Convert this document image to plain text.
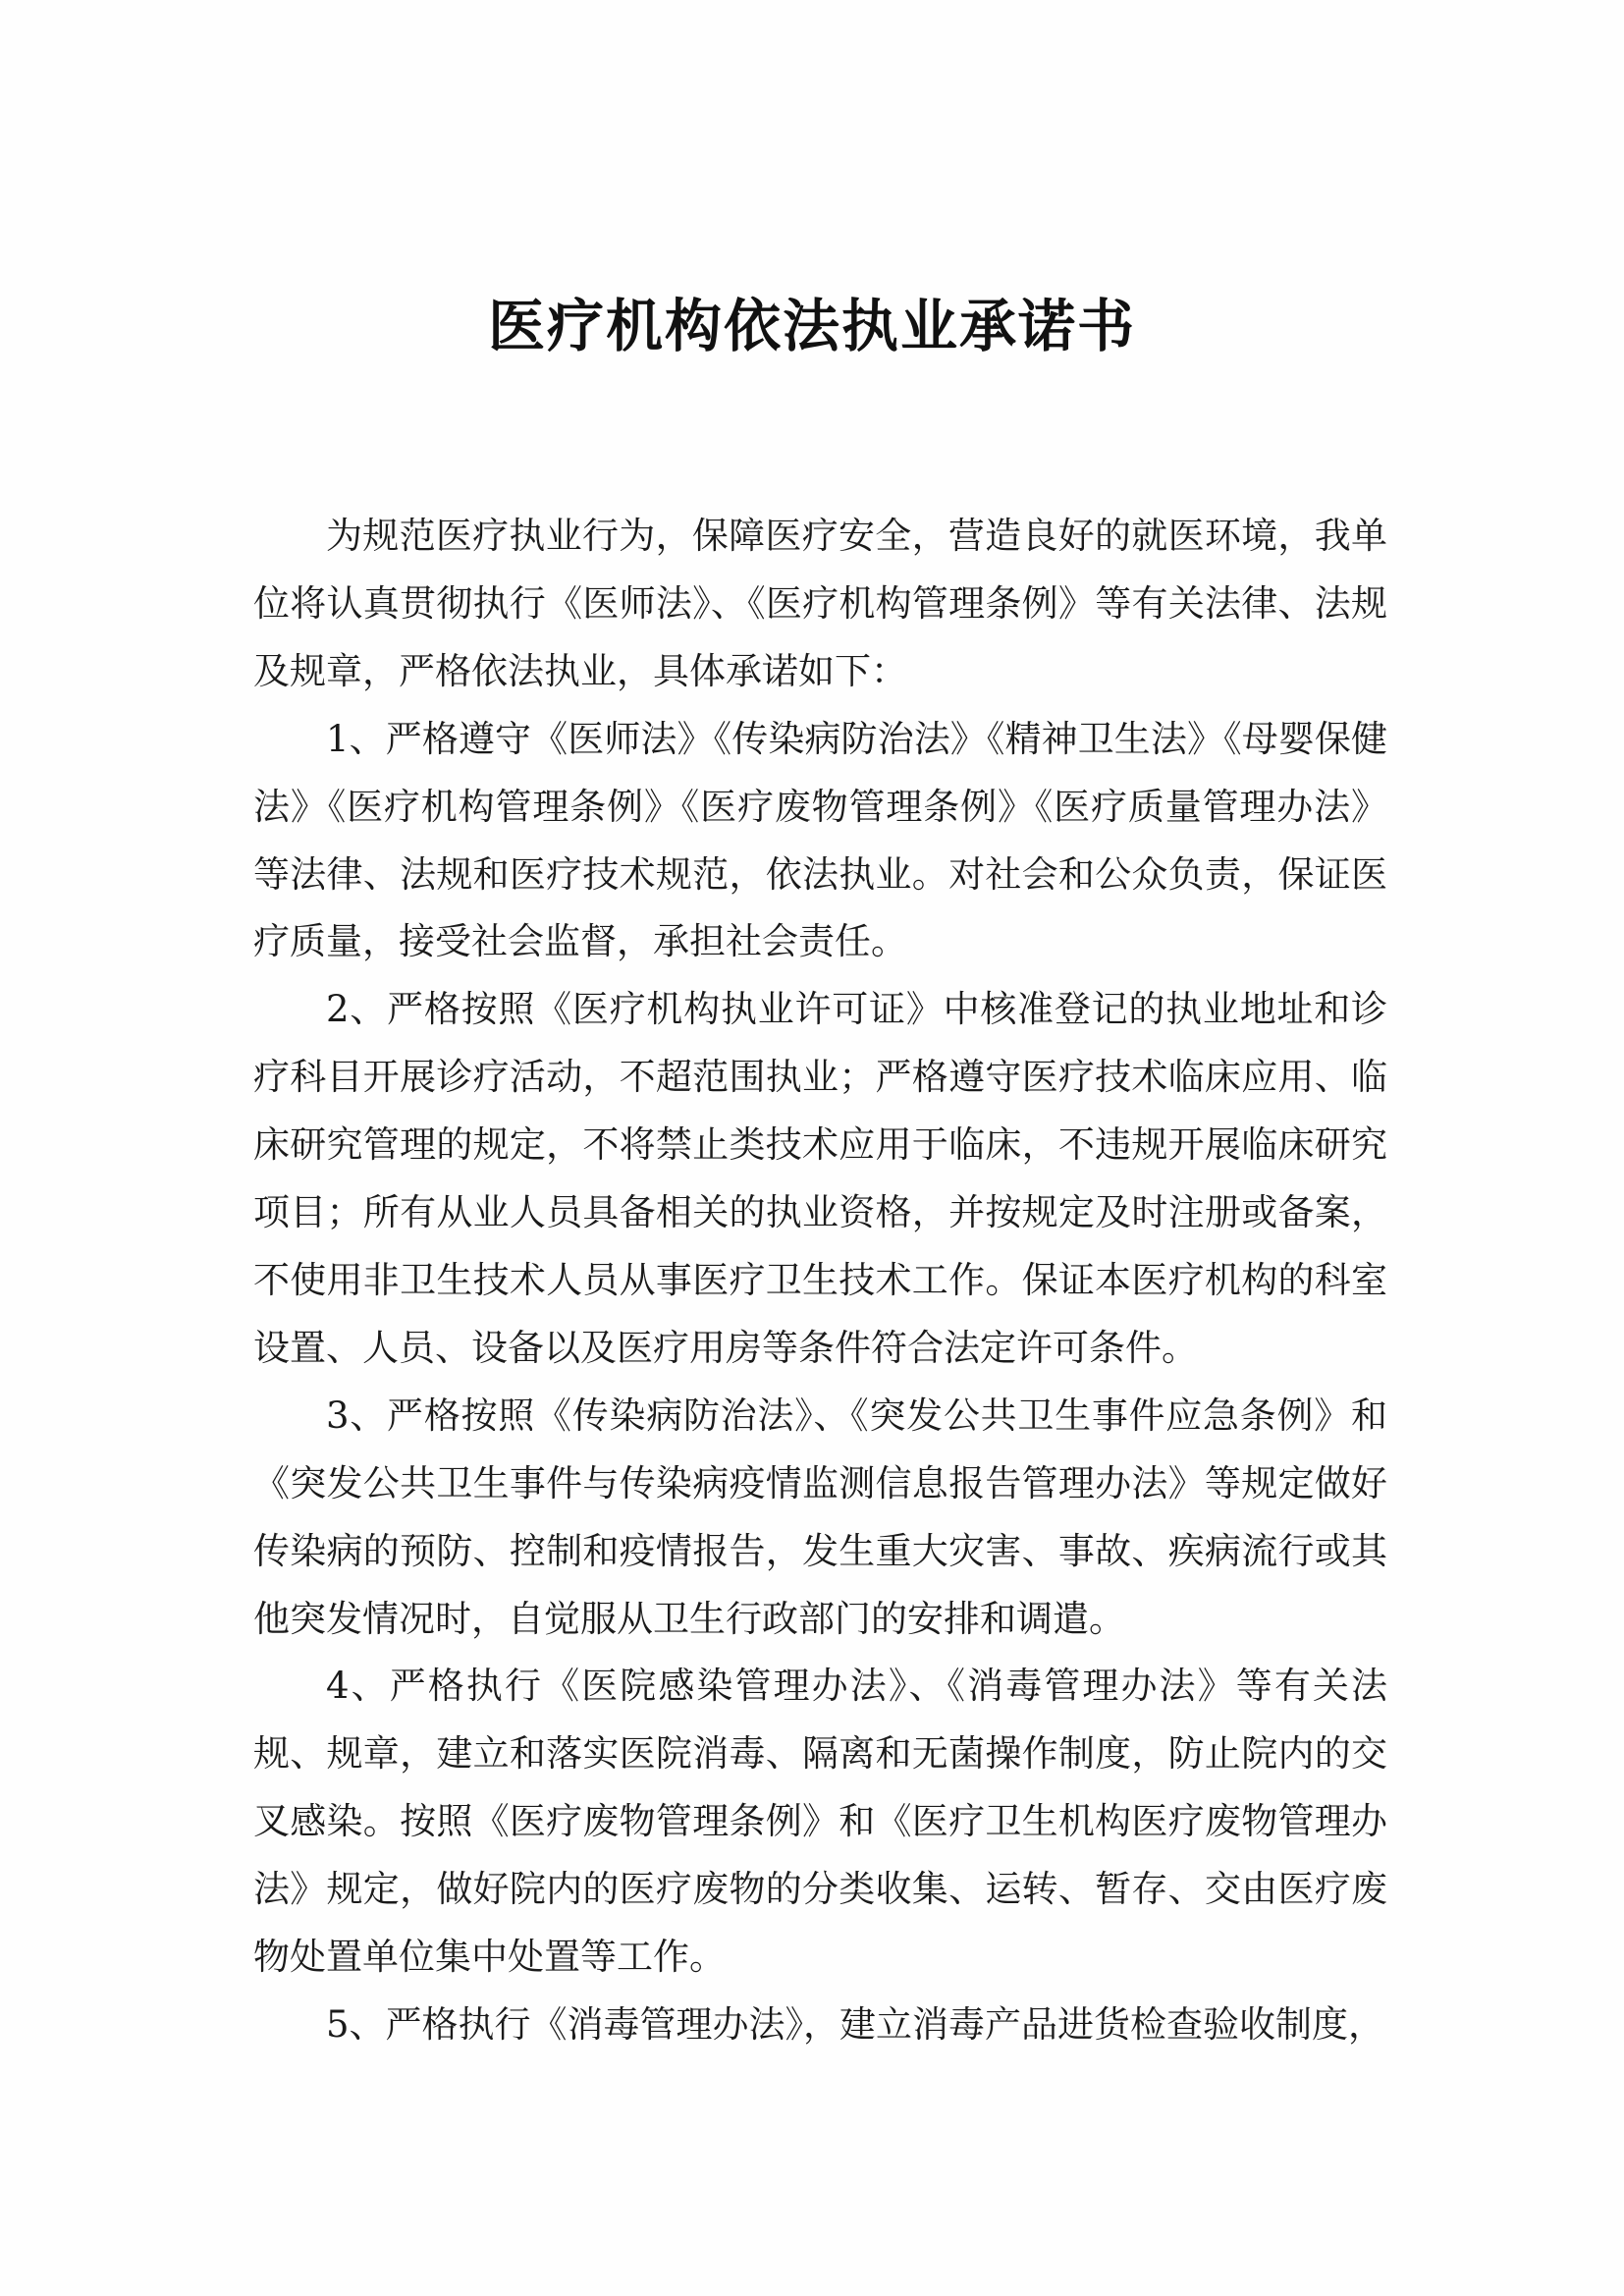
医疗机构依法执业承诺书

为规范医疗执业行为，保障医疗安全，营造良好的就医环境，我单位将认真贯彻执行《医师法》、《医疗机构管理条例》等有关法律、法规及规章，严格依法执业，具体承诺如下：

1、严格遵守《医师法》《传染病防治法》《精神卫生法》《母婴保健法》《医疗机构管理条例》《医疗废物管理条例》《医疗质量管理办法》等法律、法规和医疗技术规范，依法执业。对社会和公众负责，保证医疗质量，接受社会监督，承担社会责任。

2、严格按照《医疗机构执业许可证》中核准登记的执业地址和诊疗科目开展诊疗活动，不超范围执业；严格遵守医疗技术临床应用、临床研究管理的规定，不将禁止类技术应用于临床，不违规开展临床研究项目；所有从业人员具备相关的执业资格，并按规定及时注册或备案，不使用非卫生技术人员从事医疗卫生技术工作。保证本医疗机构的科室设置、人员、设备以及医疗用房等条件符合法定许可条件。

3、严格按照《传染病防治法》、《突发公共卫生事件应急条例》和《突发公共卫生事件与传染病疫情监测信息报告管理办法》等规定做好传染病的预防、控制和疫情报告，发生重大灾害、事故、疾病流行或其他突发情况时，自觉服从卫生行政部门的安排和调遣。

4、严格执行《医院感染管理办法》、《消毒管理办法》等有关法规、规章，建立和落实医院消毒、隔离和无菌操作制度，防止院内的交叉感染。按照《医疗废物管理条例》和《医疗卫生机构医疗废物管理办法》规定，做好院内的医疗废物的分类收集、运转、暂存、交由医疗废物处置单位集中处置等工作。

5、严格执行《消毒管理办法》，建立消毒产品进货检查验收制度，
